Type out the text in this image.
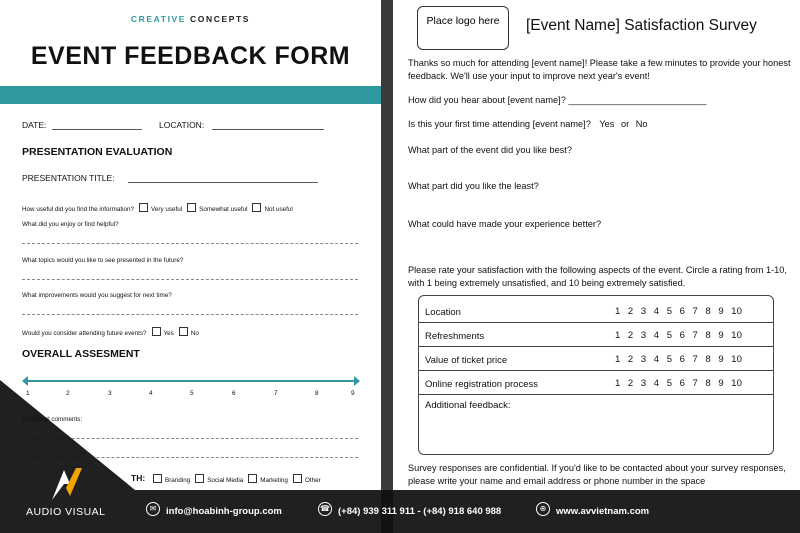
CREATIVE CONCEPTS
EVENT FEEDBACK FORM
DATE:	LOCATION:
PRESENTATION EVALUATION
PRESENTATION TITLE:
How useful did you find the information?	Very useful	Somewhat useful	Not useful
What did you enjoy or find helpful?
What topics would you like to see presented in the future?
What improvements would you suggest for next time?
Would you consider attending future events?	Yes	No
OVERALL ASSESMENT
1	2	3	4	5	6	7	8	9
Additional comments:
TH:	Branding	Social Media	Marketing	Other
Place logo here	[Event Name] Satisfaction Survey
Thanks so much for attending [event name]! Please take a few minutes to provide your honest feedback. We'll use your input to improve next year's event!
How did you hear about [event name]? ___________________________
Is this your first time attending [event name]? Yes or No
What part of the event did you like best?
What part did you like the least?
What could have made your experience better?
Please rate your satisfaction with the following aspects of the event. Circle a rating from 1-10, with 1 being extremely unsatisfied, and 10 being extremely satisfied.
Location	1 2 3 4 5 6 7 8 9 10
Refreshments	1 2 3 4 5 6 7 8 9 10
Value of ticket price	1 2 3 4 5 6 7 8 9 10
Online registration process	1 2 3 4 5 6 7 8 9 10
Additional feedback:
Survey responses are confidential. If you'd like to be contacted about your survey responses, please write your name and email address or phone number in the space
AUDIO VISUAL	✉	info@hoabinh-group.com	☎ (+84) 939 311 911 - (+84) 918 640 988	⊕	www.avvietnam.com
